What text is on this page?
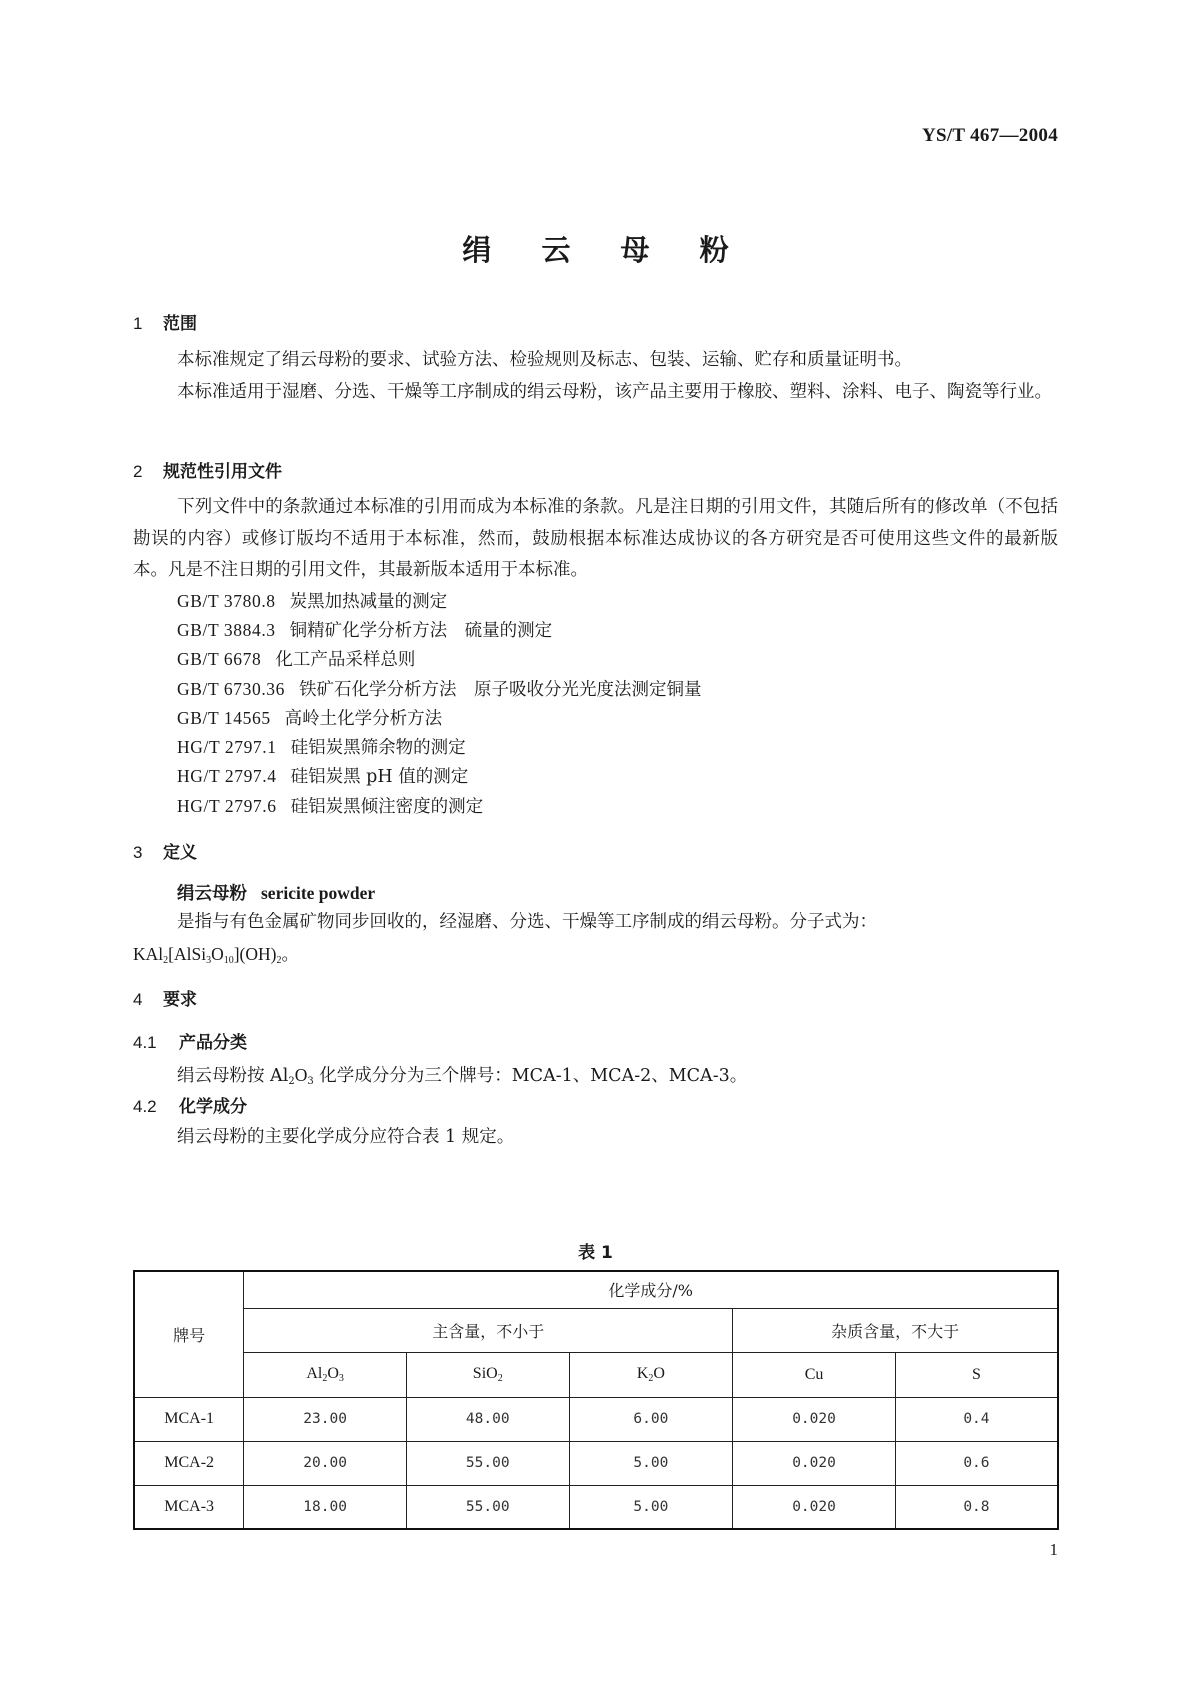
YS/T 467—2004
绢 云 母 粉
1 范围
本标准规定了绢云母粉的要求、试验方法、检验规则及标志、包装、运输、贮存和质量证明书。
本标准适用于湿磨、分选、干燥等工序制成的绢云母粉，该产品主要用于橡胶、塑料、涂料、电子、陶瓷等行业。
2 规范性引用文件
下列文件中的条款通过本标准的引用而成为本标准的条款。凡是注日期的引用文件，其随后所有的修改单（不包括勘误的内容）或修订版均不适用于本标准，然而，鼓励根据本标准达成协议的各方研究是否可使用这些文件的最新版本。凡是不注日期的引用文件，其最新版本适用于本标准。
GB/T 3780.8 炭黑加热减量的测定
GB/T 3884.3 铜精矿化学分析方法　硫量的测定
GB/T 6678 化工产品采样总则
GB/T 6730.36 铁矿石化学分析方法　原子吸收分光光度法测定铜量
GB/T 14565 高岭土化学分析方法
HG/T 2797.1 硅铝炭黑筛余物的测定
HG/T 2797.4 硅铝炭黑 pH 值的测定
HG/T 2797.6 硅铝炭黑倾注密度的测定
3 定义
绢云母粉 sericite powder
是指与有色金属矿物同步回收的，经湿磨、分选、干燥等工序制成的绢云母粉。分子式为：
$KAl_2[AlSi_3O_{10}](OH)_2$。
4 要求
4.1 产品分类
绢云母粉按 $Al_2O_3$ 化学成分分为三个牌号：MCA-1、MCA-2、MCA-3。
4.2 化学成分
绢云母粉的主要化学成分应符合表 1 规定。
表 1
牌号	化学成分/%				
	主含量，不小于			杂质含量，不大于	
	$Al_2O_3$	SiO$_2$	$K_2O$	Cu	S
MCA-1	23.00	48.00	6.00	0.020	0.4
MCA-2	20.00	55.00	5.00	0.020	0.6
MCA-3	18.00	55.00	5.00	0.020	0.8
1
